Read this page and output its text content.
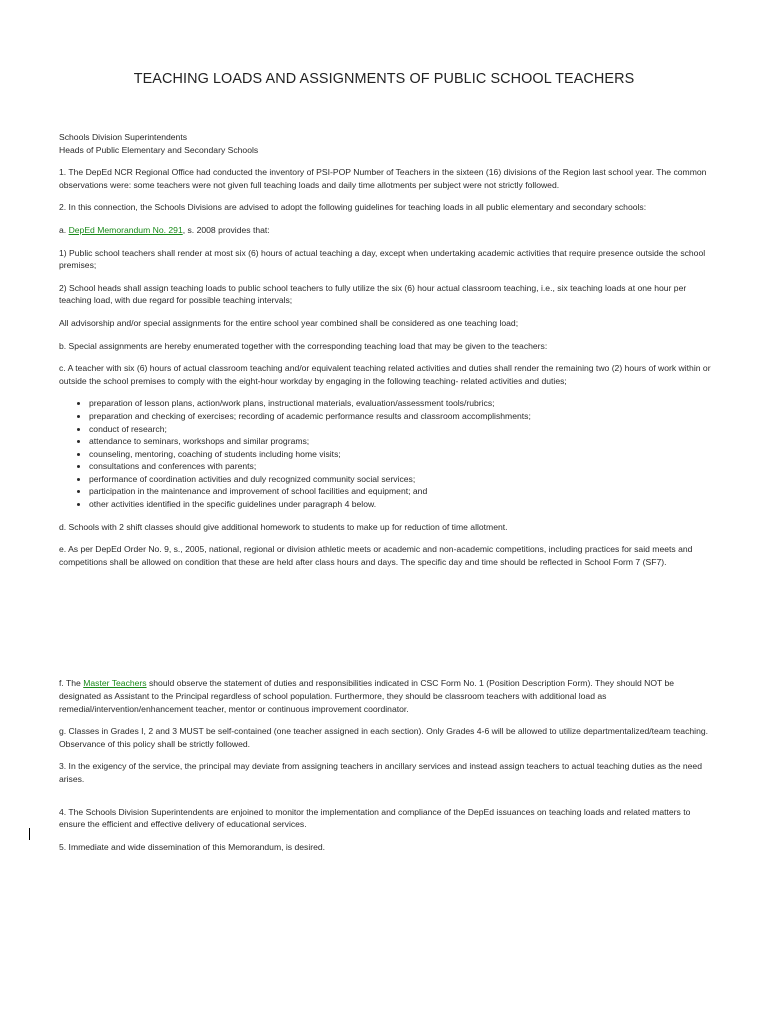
TEACHING LOADS AND ASSIGNMENTS OF PUBLIC SCHOOL TEACHERS

Schools Division Superintendents

Heads of Public Elementary and Secondary Schools

1. The DepEd NCR Regional Office had conducted the inventory of PSI-POP Number of Teachers in the sixteen (16) divisions of the Region last school year. The common observations were: some teachers were not given full teaching loads and daily time allotments per subject were not strictly followed.

2. In this connection, the Schools Divisions are advised to adopt the following guidelines for teaching loads in all public elementary and secondary schools:

a. DepEd Memorandum No. 291, s. 2008 provides that:

1) Public school teachers shall render at most six (6) hours of actual teaching a day, except when undertaking academic activities that require presence outside the school premises;

2) School heads shall assign teaching loads to public school teachers to fully utilize the six (6) hour actual classroom teaching, i.e., six teaching loads at one hour per teaching load, with due regard for possible teaching intervals;

All advisorship and/or special assignments for the entire school year combined shall be considered as one teaching load;

b. Special assignments are hereby enumerated together with the corresponding teaching load that may be given to the teachers:

c. A teacher with six (6) hours of actual classroom teaching and/or equivalent teaching related activities and duties shall render the remaining two (2) hours of work within or outside the school premises to comply with the eight-hour workday by engaging in the following teaching- related activities and duties;

• preparation of lesson plans, action/work plans, instructional materials, evaluation/assessment tools/rubrics;
• preparation and checking of exercises; recording of academic performance results and classroom accomplishments;
• conduct of research;
• attendance to seminars, workshops and similar programs;
• counseling, mentoring, coaching of students including home visits;
• consultations and conferences with parents;
• performance of coordination activities and duly recognized community social services;
• participation in the maintenance and improvement of school facilities and equipment; and
• other activities identified in the specific guidelines under paragraph 4 below.

d. Schools with 2 shift classes should give additional homework to students to make up for reduction of time allotment.

e. As per DepEd Order No. 9, s., 2005, national, regional or division athletic meets or academic and non-academic competitions, including practices for said meets and competitions shall be allowed on condition that these are held after class hours and days. The specific day and time should be reflected in School Form 7 (SF7).

f. The Master Teachers should observe the statement of duties and responsibilities indicated in CSC Form No. 1 (Position Description Form). They should NOT be designated as Assistant to the Principal regardless of school population. Furthermore, they should be classroom teachers with additional load as remedial/intervention/enhancement teacher, mentor or continuous improvement coordinator.

g. Classes in Grades I, 2 and 3 MUST be self-contained (one teacher assigned in each section). Only Grades 4-6 will be allowed to utilize departmentalized/team teaching. Observance of this policy shall be strictly followed.

3. In the exigency of the service, the principal may deviate from assigning teachers in ancillary services and instead assign teachers to actual teaching duties as the need arises.

4. The Schools Division Superintendents are enjoined to monitor the implementation and compliance of the DepEd issuances on teaching loads and related matters to ensure the efficient and effective delivery of educational services.

5. Immediate and wide dissemination of this Memorandum, is desired.
